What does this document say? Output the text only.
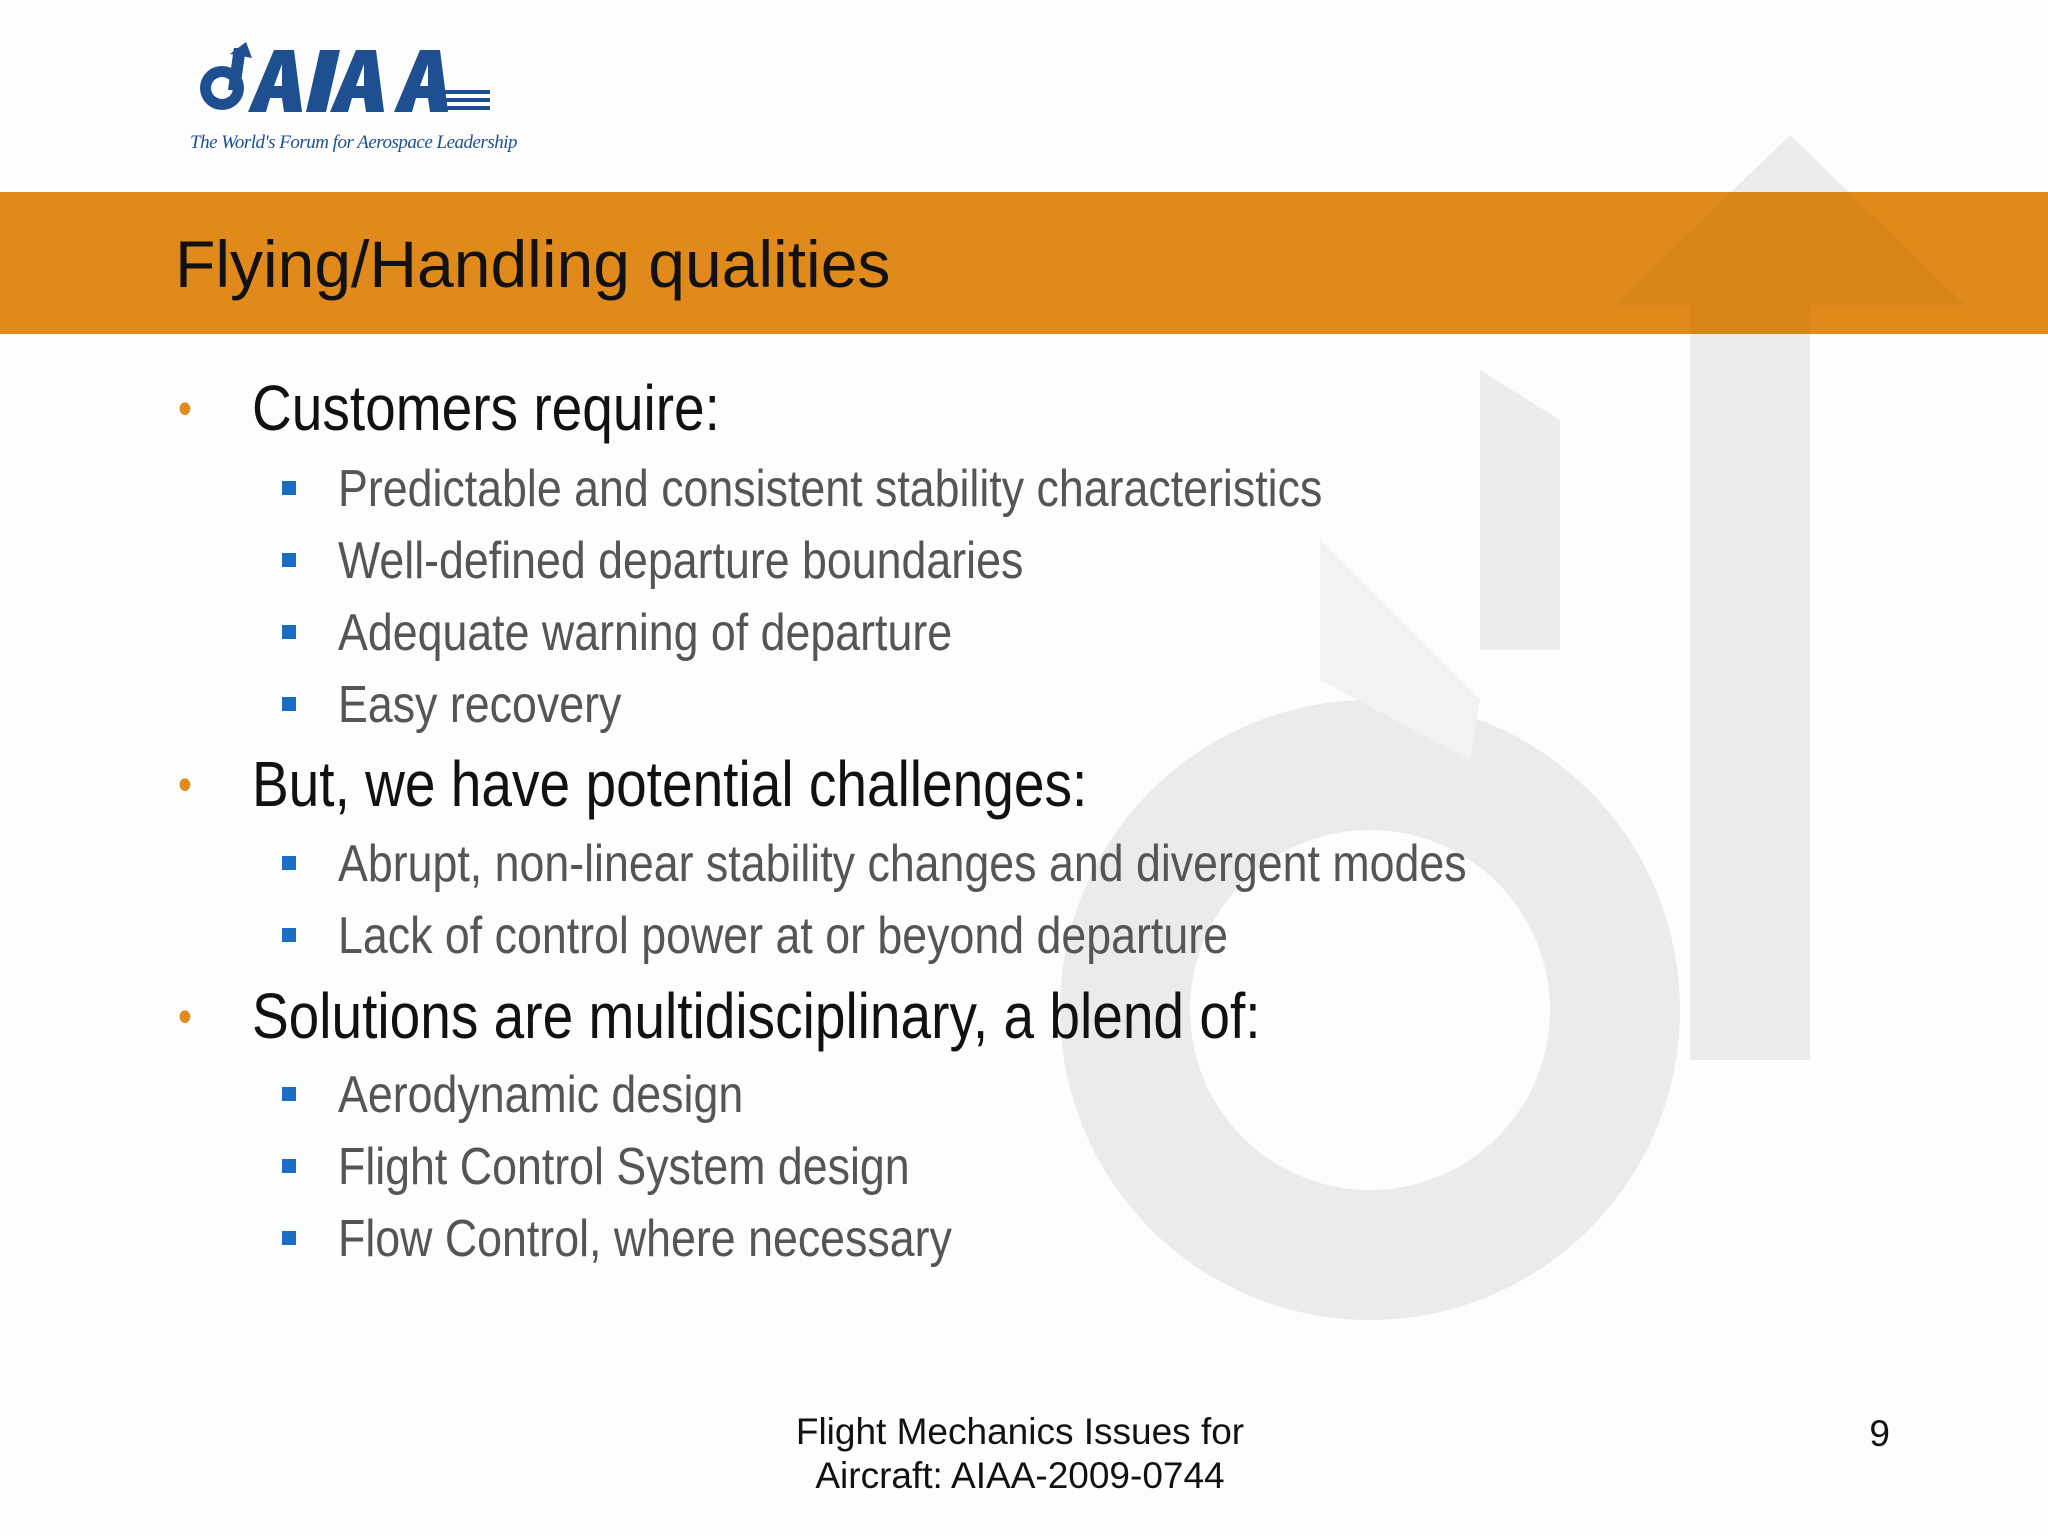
The World's Forum for Aerospace Leadership
Flying/Handling qualities
• Customers require:
Predictable and consistent stability characteristics
Well-defined departure boundaries
Adequate warning of departure
Easy recovery
• But, we have potential challenges:
Abrupt, non-linear stability changes and divergent modes
Lack of control power at or beyond departure
• Solutions are multidisciplinary, a blend of:
Aerodynamic design
Flight Control System design
Flow Control, where necessary
Flight Mechanics Issues for
Aircraft: AIAA-2009-0744
9
